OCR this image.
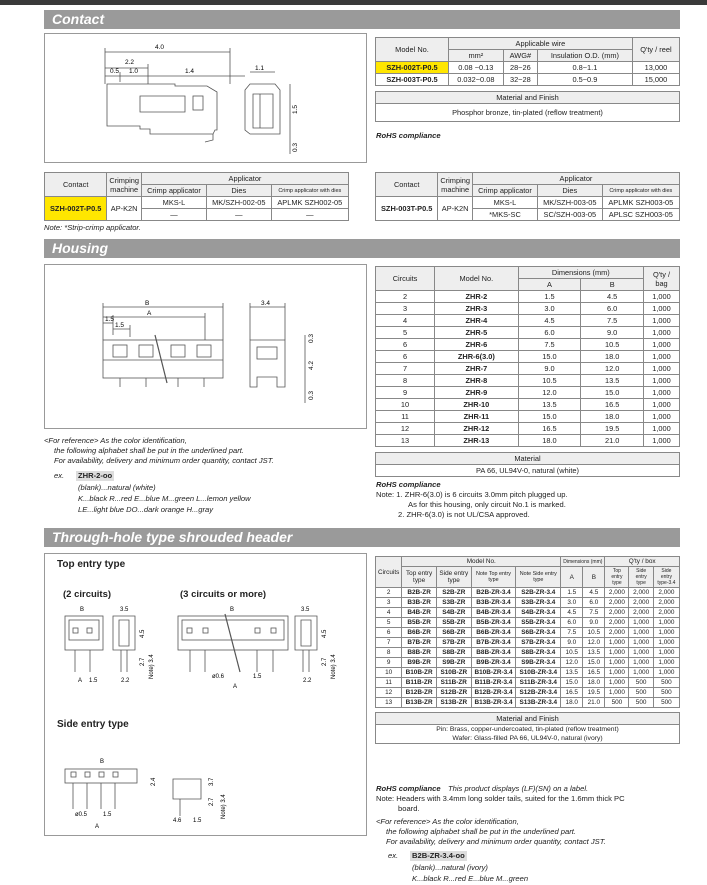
Contact
4.0
2.2
0.5 1.0	1.4	1.1
1.5
0.3
Model No.	Applicable wire			Q'ty / reel
	mm²	AWG#	Insulation O.D. (mm)	
SZH-002T-P0.5	0.08 ~0.13	28~26	0.8~1.1	13,000
SZH-003T-P0.5	0.032~0.08	32~28	0.5~0.9	15,000

Material and Finish				
Phosphor bronze, tin-plated (reflow treatment)				
RoHS compliance
Contact	Crimping machine	Applicator		
		Crimp applicator	Dies	Crimp applicator with dies
SZH-002T-P0.5	AP-K2N	MKS-L	MK/SZH-002-05	APLMK SZH002-05
		—	—	—
Contact	Crimping machine	Applicator		
		Crimp applicator	Dies	Crimp applicator with dies
SZH-003T-P0.5	AP-K2N	MKS-L	MK/SZH-003-05	APLMK SZH003-05
		*MKS-SC	SC/SZH-003-05	APLSC SZH003-05
Note: *Strip-crimp applicator.
Housing
B	3.4
1.5
A
1.5
0.3
4.2
0.3
Circuits	Model No.	Dimensions (mm)		Q'ty / bag
		A	B	
2	ZHR-2	1.5	4.5	1,000
3	ZHR-3	3.0	6.0	1,000
4	ZHR-4	4.5	7.5	1,000
5	ZHR-5	6.0	9.0	1,000
6	ZHR-6	7.5	10.5	1,000
6	ZHR-6(3.0)	15.0	18.0	1,000
7	ZHR-7	9.0	12.0	1,000
8	ZHR-8	10.5	13.5	1,000
9	ZHR-9	12.0	15.0	1,000
10	ZHR-10	13.5	16.5	1,000
11	ZHR-11	15.0	18.0	1,000
12	ZHR-12	16.5	19.5	1,000
13	ZHR-13	18.0	21.0	1,000

Material				
PA 66, UL94V-0, natural (white)				
RoHS compliance
Note: 1. ZHR-6(3.0) is 6 circuits 3.0mm pitch plugged up.
As for this housing, only circuit No.1 is marked.
2. ZHR-6(3.0) is not UL/CSA approved.
<For reference> As the color identification,
the following alphabet shall be put in the underlined part.
For availability, delivery and minimum order quantity, contact JST.
ex. ZHR-2-oo
(blank)...natural (white)
K...black R...red E...blue M...green L...lemon yellow
LE...light blue DO...dark orange H...gray
Through-hole type shrouded header
Top entry type
(2 circuits)	(3 circuits or more)
Side entry type
B	3.5
4.5
2.7
A 1.5	2.2
Note) 3.4
B	3.5
4.5
2.7
ø0.6
A
1.5
2.2
Note) 3.4
B
2.4	3.7
2.7 Note) 3.4
ø0.5	1.5
A
4.6 1.5
Circuits	Model No.				Dimensions (mm)		Q'ty / box		
	Top entry type	Side entry type	Note Top entry type	Note Side entry type	A	B	Top entry type	Side entry type	Side entry type-3.4
2	B2B-ZR	S2B-ZR	B2B-ZR-3.4	S2B-ZR-3.4	1.5	4.5	2,000	2,000	2,000
3	B3B-ZR	S3B-ZR	B3B-ZR-3.4	S3B-ZR-3.4	3.0	6.0	2,000	2,000	2,000
4	B4B-ZR	S4B-ZR	B4B-ZR-3.4	S4B-ZR-3.4	4.5	7.5	2,000	2,000	2,000
5	B5B-ZR	S5B-ZR	B5B-ZR-3.4	S5B-ZR-3.4	6.0	9.0	2,000	1,000	1,000
6	B6B-ZR	S6B-ZR	B6B-ZR-3.4	S6B-ZR-3.4	7.5	10.5	2,000	1,000	1,000
7	B7B-ZR	S7B-ZR	B7B-ZR-3.4	S7B-ZR-3.4	9.0	12.0	1,000	1,000	1,000
8	B8B-ZR	S8B-ZR	B8B-ZR-3.4	S8B-ZR-3.4	10.5	13.5	1,000	1,000	1,000
9	B9B-ZR	S9B-ZR	B9B-ZR-3.4	S9B-ZR-3.4	12.0	15.0	1,000	1,000	1,000
10	B10B-ZR	S10B-ZR	B10B-ZR-3.4	S10B-ZR-3.4	13.5	16.5	1,000	1,000	1,000
11	B11B-ZR	S11B-ZR	B11B-ZR-3.4	S11B-ZR-3.4	15.0	18.0	1,000	500	500
12	B12B-ZR	S12B-ZR	B12B-ZR-3.4	S12B-ZR-3.4	16.5	19.5	1,000	500	500
13	B13B-ZR	S13B-ZR	B13B-ZR-3.4	S13B-ZR-3.4	18.0	21.0	500	500	500

Material and Finish									
Pin: Brass, copper-undercoated, tin-plated (reflow treatment)									
Wafer: Glass-filled PA 66, UL94V-0, natural (ivory)									
RoHS compliance This product displays (LF)(SN) on a label.
Note: Headers with 3.4mm long solder tails, suited for the 1.6mm thick PC
board.
<For reference> As the color identification,
the following alphabet shall be put in the underlined part.
For availability, delivery and minimum order quantity, contact JST.
ex. B2B-ZR-3.4-oo
(blank)...natural (ivory)
K...black R...red E...blue M...green
